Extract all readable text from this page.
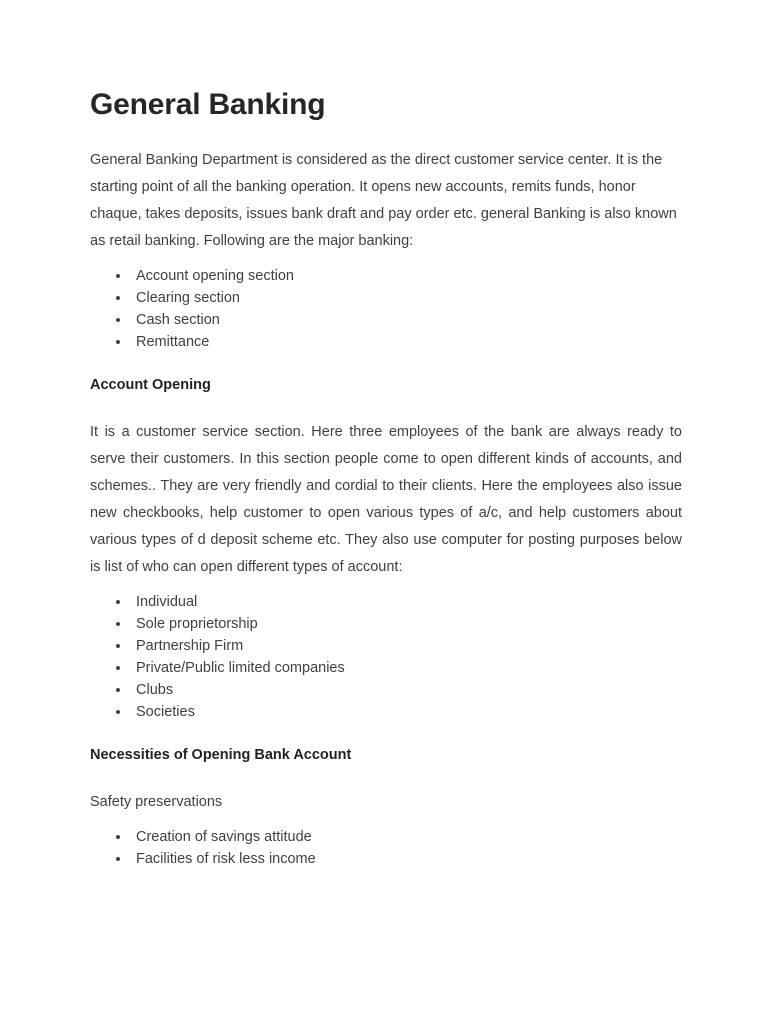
General Banking

General Banking Department is considered as the direct customer service center. It is the starting point of all the banking operation. It opens new accounts, remits funds, honor chaque, takes deposits, issues bank draft and pay order etc. general Banking is also known as retail banking. Following are the major banking:

Account opening section
Clearing section
Cash section
Remittance
Account Opening

It is a customer service section. Here three employees of the bank are always ready to serve their customers. In this section people come to open different kinds of accounts, and schemes.. They are very friendly and cordial to their clients. Here the employees also issue new checkbooks, help customer to open various types of a/c, and help customers about various types of d deposit scheme etc. They also use computer for posting purposes below is list of who can open different types of account:

Individual
Sole proprietorship
Partnership Firm
Private/Public limited companies
Clubs
Societies
Necessities of Opening Bank Account

Safety preservations

Creation of savings attitude
Facilities of risk less income
